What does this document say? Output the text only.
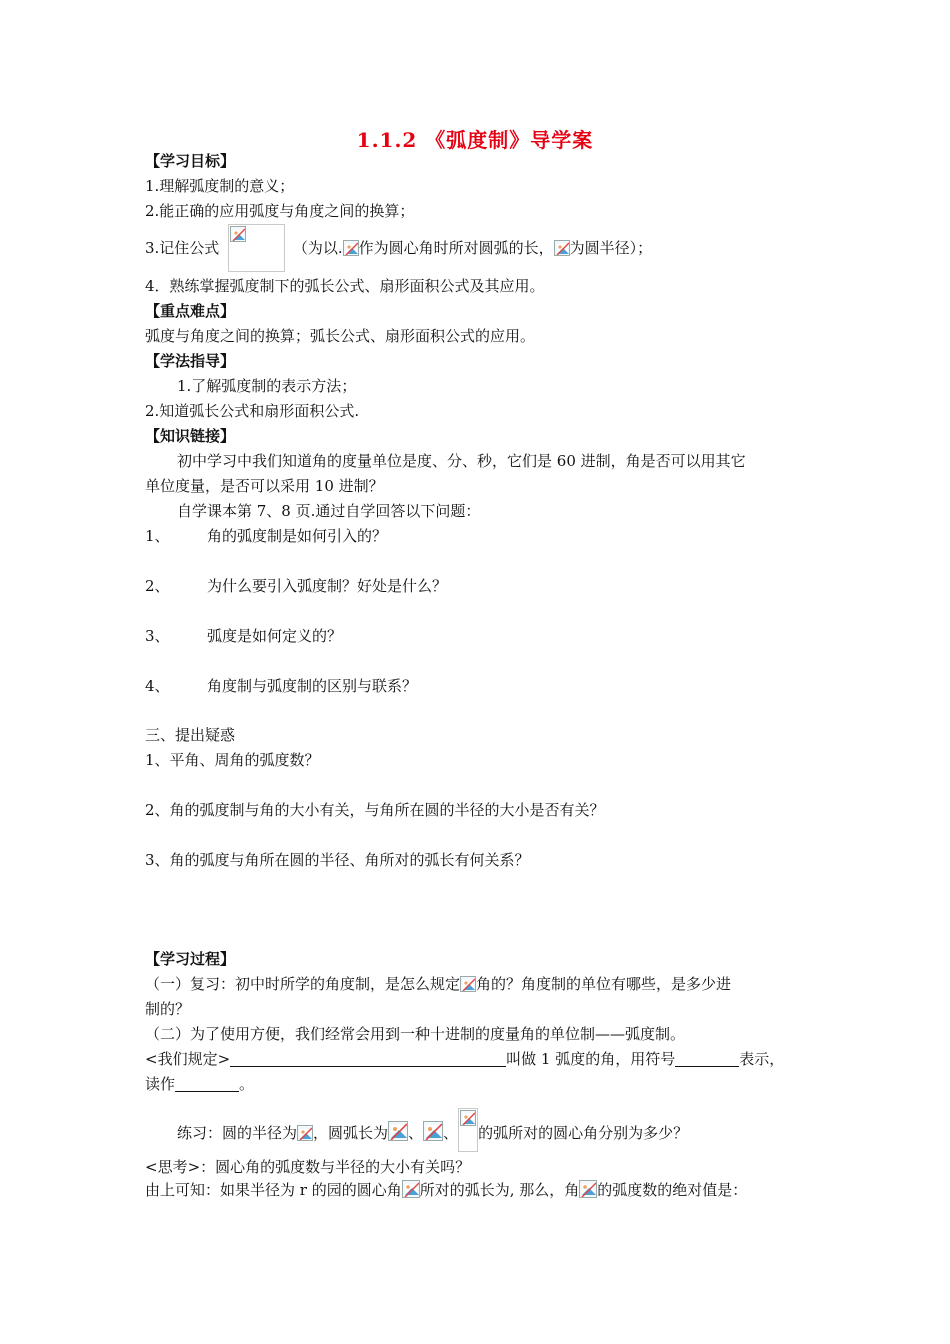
1.1.2 《弧度制》导学案
【学习目标】
1.理解弧度制的意义；
2.能正确的应用弧度与角度之间的换算；
3.记住公式	（为以. 作为圆心角时所对圆弧的长， 为圆半径）；
4．熟练掌握弧度制下的弧长公式、扇形面积公式及其应用。
【重点难点】
弧度与角度之间的换算；弧长公式、扇形面积公式的应用。
【学法指导】
1.了解弧度制的表示方法；
2.知道弧长公式和扇形面积公式.
【知识链接】
初中学习中我们知道角的度量单位是度、分、秒，它们是 60 进制，角是否可以用其它
单位度量，是否可以采用 10 进制？
自学课本第 7、8 页.通过自学回答以下问题：
1、 角的弧度制是如何引入的？
2、 为什么要引入弧度制？好处是什么？
3、 弧度是如何定义的？
4、 角度制与弧度制的区别与联系？
三、提出疑惑
1、平角、周角的弧度数？
2、角的弧度制与角的大小有关，与角所在圆的半径的大小是否有关？
3、角的弧度与角所在圆的半径、角所对的弧长有何关系？
【学习过程】
（一）复习：初中时所学的角度制，是怎么规定 角的？角度制的单位有哪些，是多少进
制的？
（二）为了使用方便，我们经常会用到一种十进制的度量角的单位制——弧度制。
<我们规定>	叫做 1 弧度的角，用符号	表示，
读作	。
练习：圆的半径为 ，圆弧长为 、 、 的弧所对的圆心角分别为多少？
<思考>：圆心角的弧度数与半径的大小有关吗？
由上可知：如果半径为 r 的园的圆心角 所对的弧长为, 那么，角 的弧度数的绝对值是：
